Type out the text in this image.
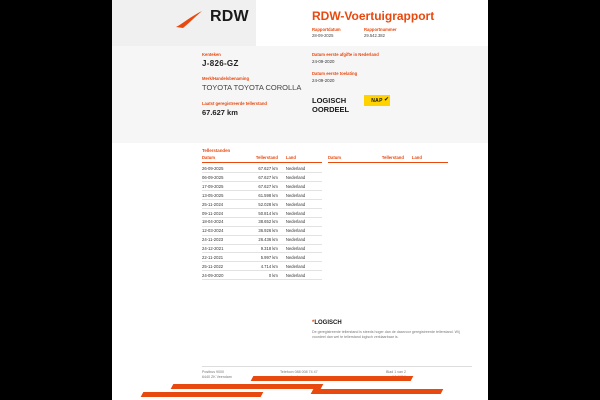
RDW	RDW-Voertuigrapport
Rapportdatum
28-09-2025
Rapportnummer
29.542.382
Kenteken
J-826-GZ
Merk/Handelsbenaming
TOYOTA TOYOTA COROLLA
Laatst geregistreerde tellerstand
67.627 km
Datum eerste afgifte in Nederland
24-09-2020
Datum eerste toelating
24-09-2020
LOGISCH
OORDEEL
NAP ✔
Tellerstanden
Datum	Tellerstand	Land
26-09-2025	67.627 km	Nederland
06-09-2025	67.627 km	Nederland
17-09-2025	67.627 km	Nederland
13-05-2025	61.598 km	Nederland
25-11-2024	52.028 km	Nederland
09-11-2024	50.814 km	Nederland
18-04-2024	38.652 km	Nederland
12-03-2024	36.926 km	Nederland
24-11-2023	26.436 km	Nederland
24-12-2021	9.318 km	Nederland
22-11-2021	5.997 km	Nederland
25-11-2022	4.714 km	Nederland
24-09-2020	0 km	Nederland
Datum	Tellerstand	Land
*LOGISCH
De geregistreerde tellerstand is steeds hoger dan de daarvoor geregistreerde tellerstand. Wij voordeel dan wel te tellerstand logisch verklaarbaar is.
Postbus 9000
6440 ZK Veendam
Telefoon 088 008 74 47	Blad 1 van 2
